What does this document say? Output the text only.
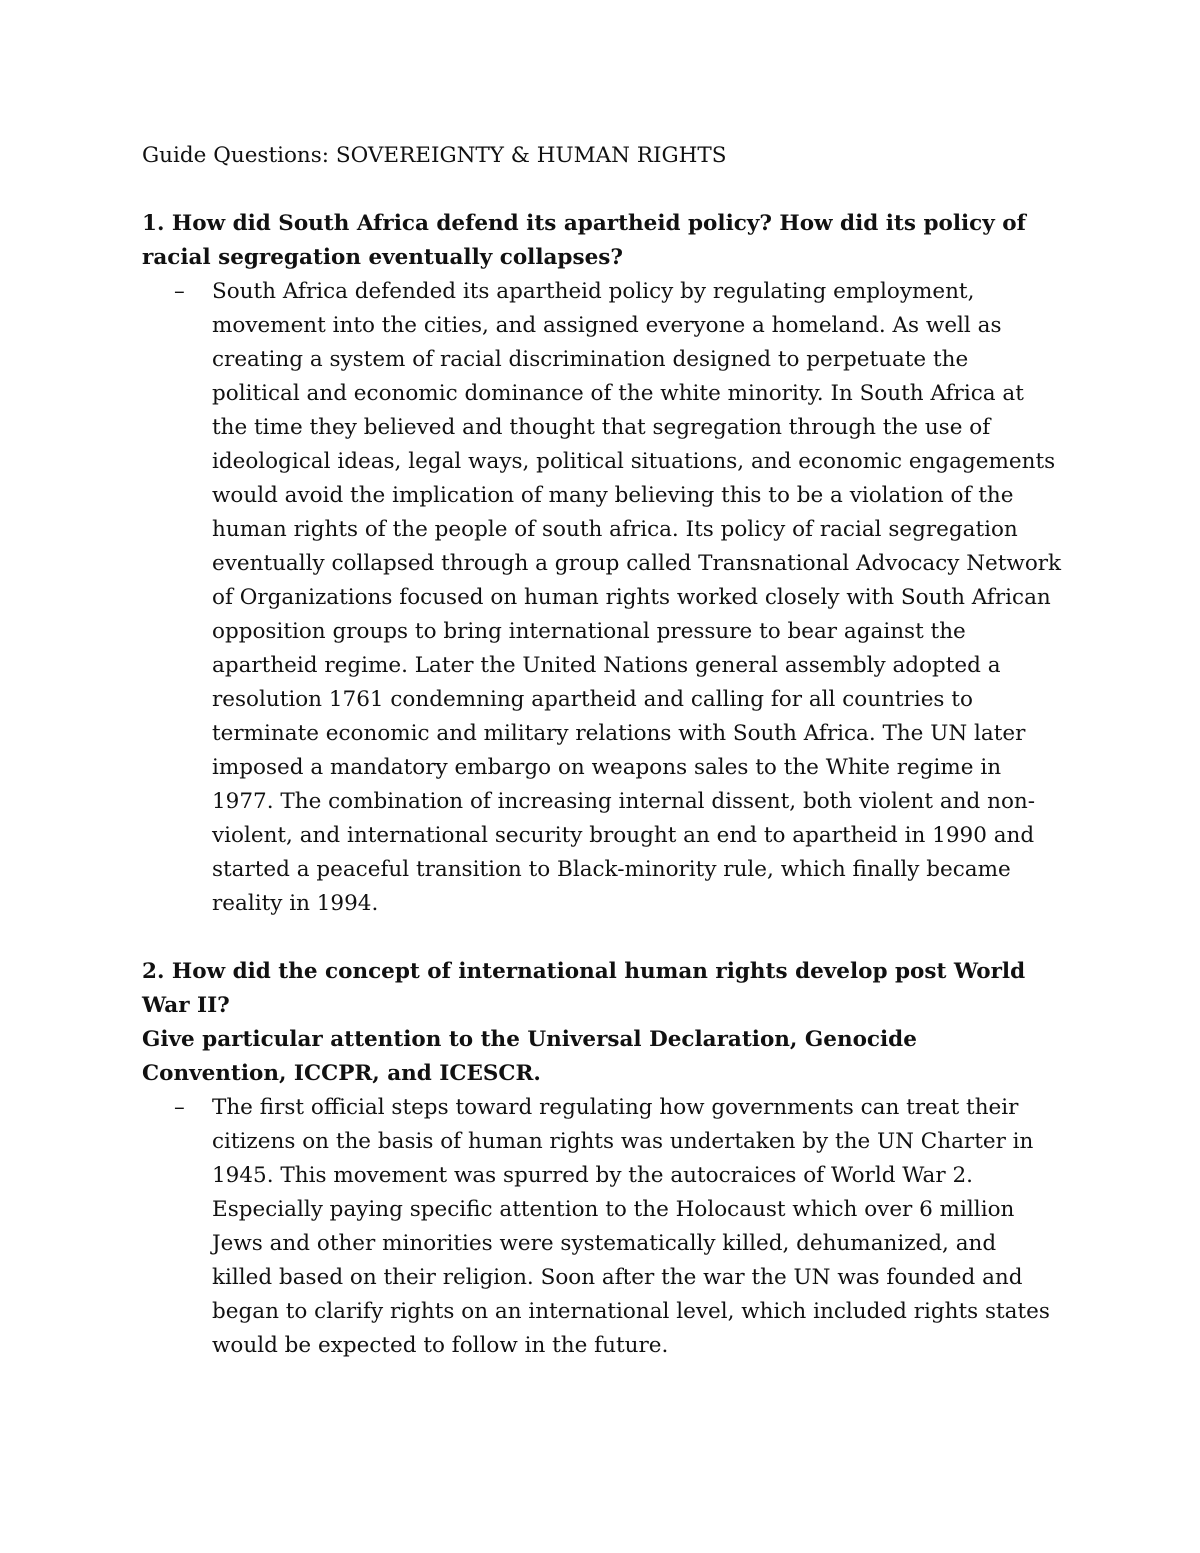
Guide Questions: SOVEREIGNTY & HUMAN RIGHTS

1. How did South Africa defend its apartheid policy? How did its policy of racial segregation eventually collapses?

– South Africa defended its apartheid policy by regulating employment, movement into the cities, and assigned everyone a homeland. As well as creating a system of racial discrimination designed to perpetuate the political and economic dominance of the white minority. In South Africa at the time they believed and thought that segregation through the use of ideological ideas, legal ways, political situations, and economic engagements would avoid the implication of many believing this to be a violation of the human rights of the people of south africa. Its policy of racial segregation eventually collapsed through a group called Transnational Advocacy Network of Organizations focused on human rights worked closely with South African opposition groups to bring international pressure to bear against the apartheid regime. Later the United Nations general assembly adopted a resolution 1761 condemning apartheid and calling for all countries to terminate economic and military relations with South Africa. The UN later imposed a mandatory embargo on weapons sales to the White regime in 1977. The combination of increasing internal dissent, both violent and non-violent, and international security brought an end to apartheid in 1990 and started a peaceful transition to Black-minority rule, which finally became reality in 1994.

2. How did the concept of international human rights develop post World War II?

Give particular attention to the Universal Declaration, Genocide Convention, ICCPR, and ICESCR.

– The first official steps toward regulating how governments can treat their citizens on the basis of human rights was undertaken by the UN Charter in 1945. This movement was spurred by the autocraices of World War 2. Especially paying specific attention to the Holocaust which over 6 million Jews and other minorities were systematically killed, dehumanized, and killed based on their religion. Soon after the war the UN was founded and began to clarify rights on an international level, which included rights states would be expected to follow in the future.
